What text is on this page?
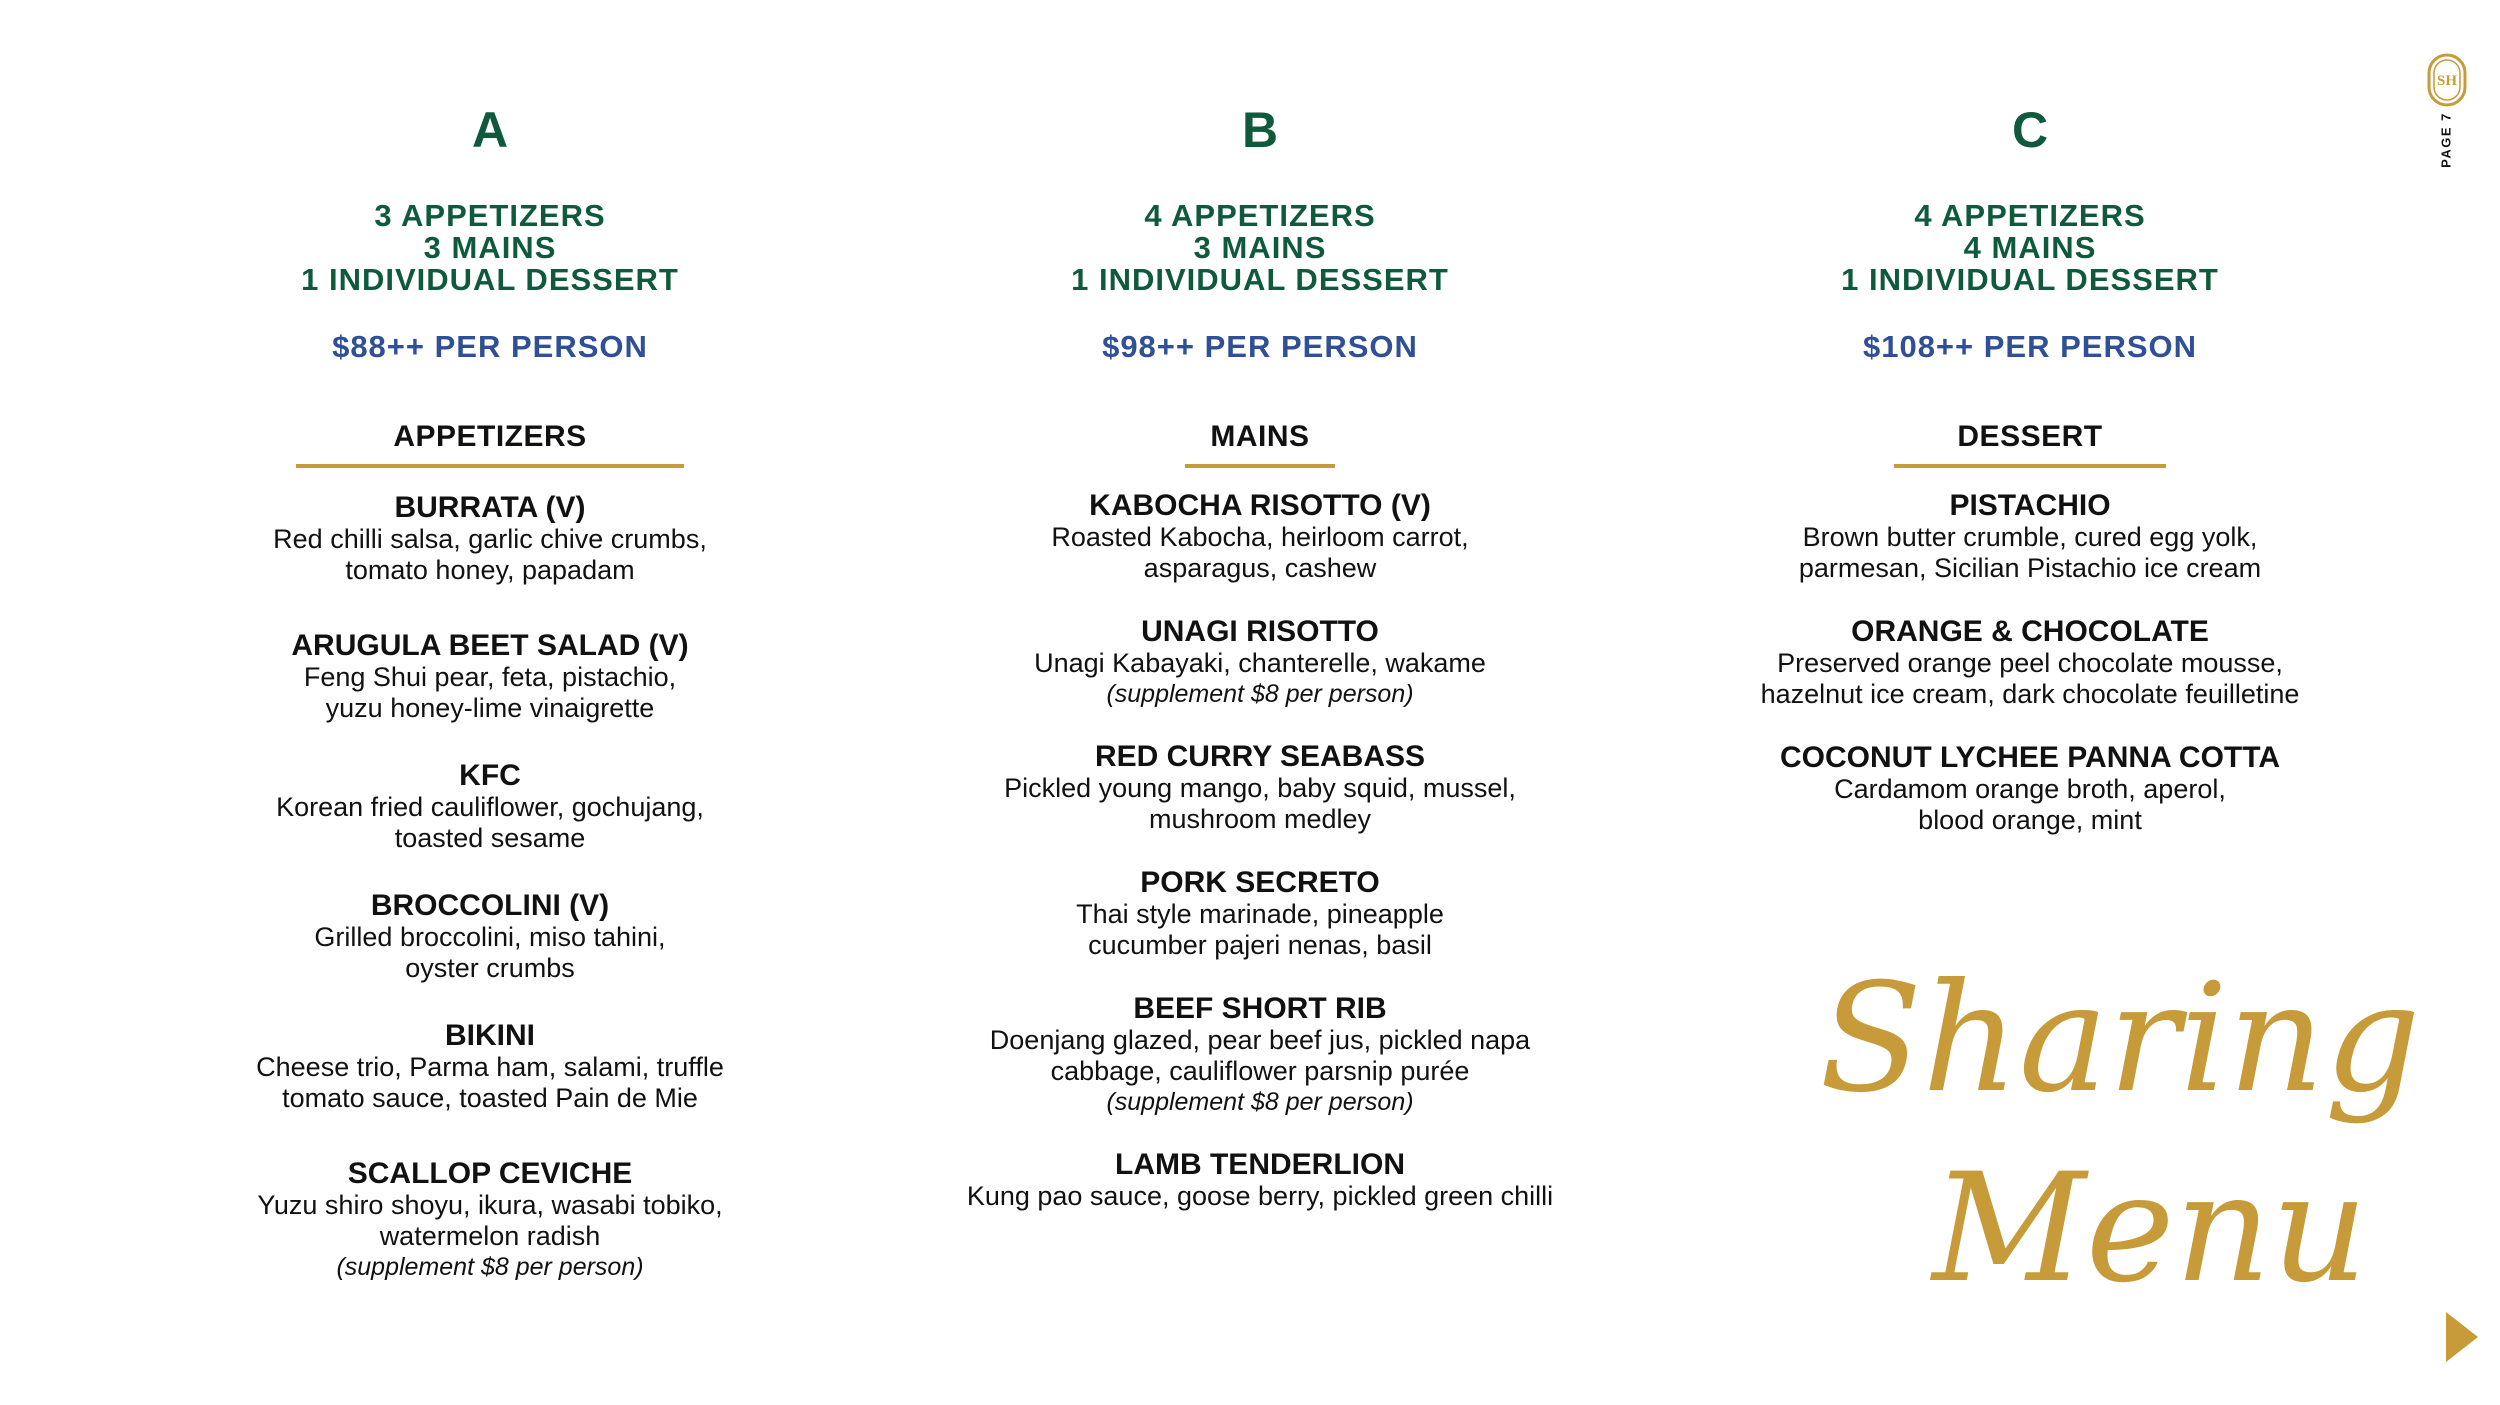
A
3 APPETIZERS
3 MAINS
1 INDIVIDUAL DESSERT
$88++ PER PERSON
APPETIZERS
BURRATA (V)
Red chilli salsa, garlic chive crumbs,
tomato honey, papadam
ARUGULA BEET SALAD (V)
Feng Shui pear, feta, pistachio,
yuzu honey-lime vinaigrette
KFC
Korean fried cauliflower, gochujang,
toasted sesame
BROCCOLINI (V)
Grilled broccolini, miso tahini,
oyster crumbs
BIKINI
Cheese trio, Parma ham, salami, truffle
tomato sauce, toasted Pain de Mie
SCALLOP CEVICHE
Yuzu shiro shoyu, ikura, wasabi tobiko,
watermelon radish
(supplement $8 per person)
B
4 APPETIZERS
3 MAINS
1 INDIVIDUAL DESSERT
$98++ PER PERSON
MAINS
KABOCHA RISOTTO (V)
Roasted Kabocha, heirloom carrot,
asparagus, cashew
UNAGI RISOTTO
Unagi Kabayaki, chanterelle, wakame
(supplement $8 per person)
RED CURRY SEABASS
Pickled young mango, baby squid, mussel,
mushroom medley
PORK SECRETO
Thai style marinade, pineapple
cucumber pajeri nenas, basil
BEEF SHORT RIB
Doenjang glazed, pear beef jus, pickled napa
cabbage, cauliflower parsnip purée
(supplement $8 per person)
LAMB TENDERLION
Kung pao sauce, goose berry, pickled green chilli
C
4 APPETIZERS
4 MAINS
1 INDIVIDUAL DESSERT
$108++ PER PERSON
DESSERT
PISTACHIO
Brown butter crumble, cured egg yolk,
parmesan, Sicilian Pistachio ice cream
ORANGE & CHOCOLATE
Preserved orange peel chocolate mousse,
hazelnut ice cream, dark chocolate feuilletine
COCONUT LYCHEE PANNA COTTA
Cardamom orange broth, aperol,
blood orange, mint
SH
PAGE 7
Sharing
Menu
